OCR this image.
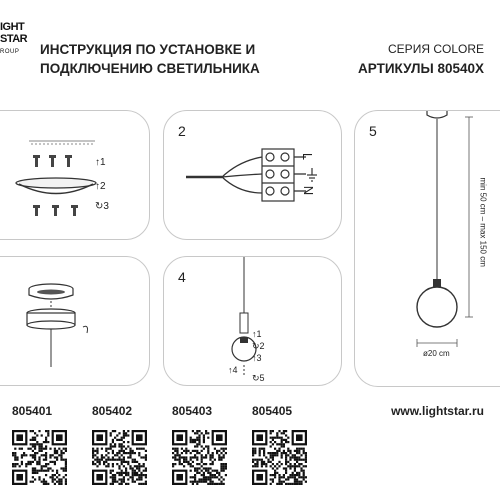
IGHT
STAR
ROUP ИНСТРУКЦИЯ ПО УСТАНОВКЕ И
ПОДКЛЮЧЕНИЮ СВЕТИЛЬНИКА
СЕРИЯ COLORE
АРТИКУЛЫ 80540X
↑1
↑2
↻3
2
L
N
4
↑1
↻2
↑3
↑4
↻5
5
min 50 cm – max 150 cm
ø20 cm
805401	805402	805403	805405	www.lightstar.ru
